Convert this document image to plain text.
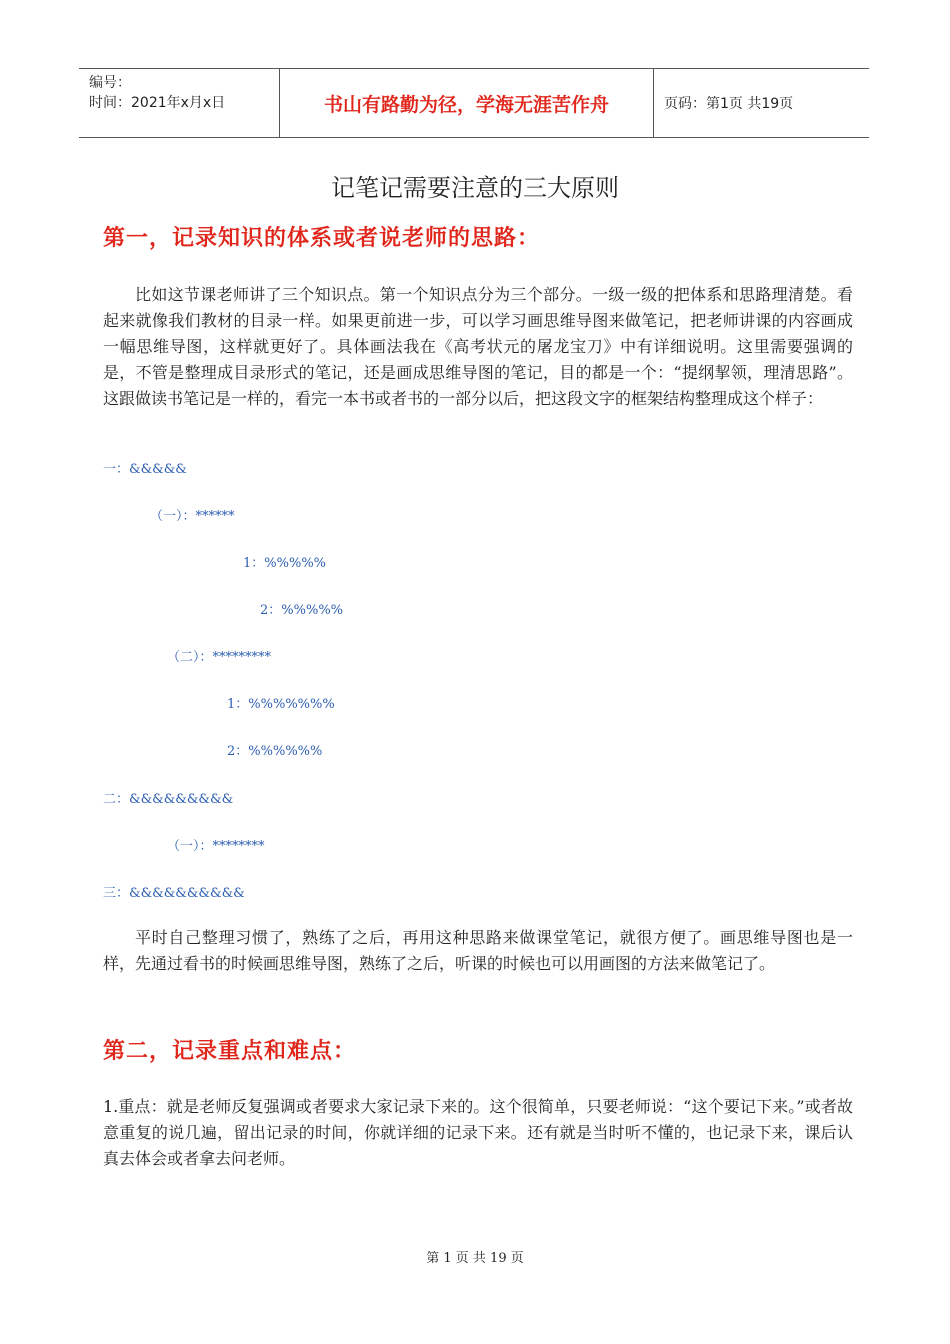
编号：
时间：2021年x月x日	书山有路勤为径，学海无涯苦作舟	页码：第1页 共19页
记笔记需要注意的三大原则
第一，记录知识的体系或者说老师的思路：
比如这节课老师讲了三个知识点。第一个知识点分为三个部分。一级一级的把体系和思路理清楚。看起来就像我们教材的目录一样。如果更前进一步，可以学习画思维导图来做笔记，把老师讲课的内容画成一幅思维导图，这样就更好了。具体画法我在《高考状元的屠龙宝刀》中有详细说明。这里需要强调的是，不管是整理成目录形式的笔记，还是画成思维导图的笔记，目的都是一个：“提纲挈领，理清思路”。这跟做读书笔记是一样的，看完一本书或者书的一部分以后，把这段文字的框架结构整理成这个样子：
一：&&&&&
（一）：******
1：%%%%%
2：%%%%%
（二）：*********
1：%%%%%%%
2：%%%%%%
二：&&&&&&&&&
（一）：********
三：&&&&&&&&&&
平时自己整理习惯了，熟练了之后，再用这种思路来做课堂笔记，就很方便了。画思维导图也是一样，先通过看书的时候画思维导图，熟练了之后，听课的时候也可以用画图的方法来做笔记了。
第二，记录重点和难点：
1.重点：就是老师反复强调或者要求大家记录下来的。这个很简单，只要老师说：“这个要记下来。”或者故意重复的说几遍，留出记录的时间，你就详细的记录下来。还有就是当时听不懂的，也记录下来，课后认真去体会或者拿去问老师。
第 1 页 共 19 页
